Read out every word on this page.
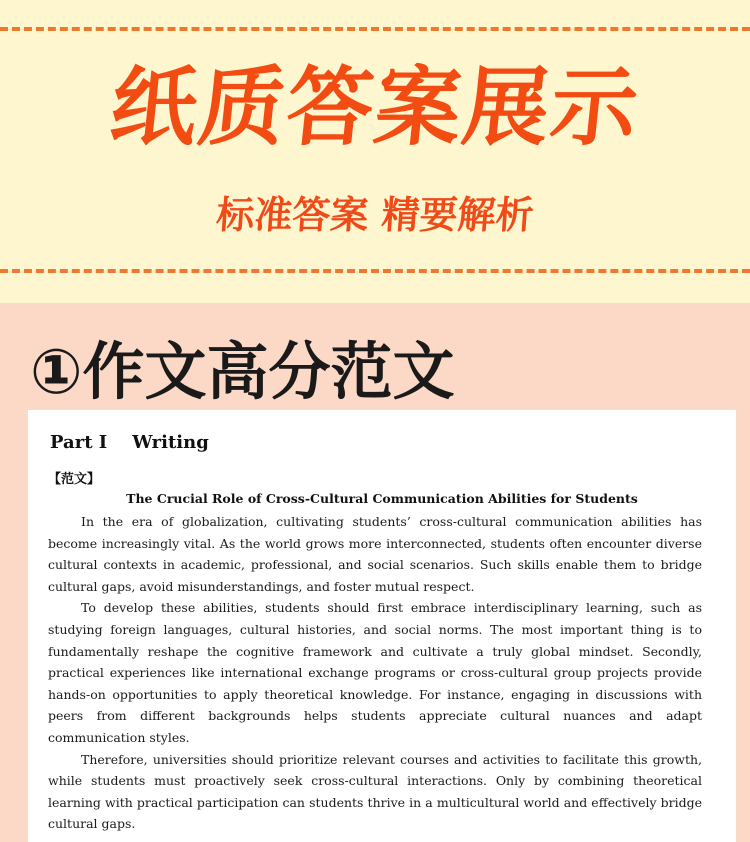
纸质答案展示
标准答案 精要解析
①作文高分范文
Part I    Writing
【范文】
The Crucial Role of Cross-Cultural Communication Abilities for Students

In the era of globalization, cultivating students’ cross-cultural communication abilities has become increasingly vital. As the world grows more interconnected, students often encounter diverse cultural contexts in academic, professional, and social scenarios. Such skills enable them to bridge cultural gaps, avoid misunderstandings, and foster mutual respect.

To develop these abilities, students should first embrace interdisciplinary learning, such as studying foreign languages, cultural histories, and social norms. The most important thing is to fundamentally reshape the cognitive framework and cultivate a truly global mindset. Secondly, practical experiences like international exchange programs or cross-cultural group projects provide hands-on opportunities to apply theoretical knowledge. For instance, engaging in discussions with peers from different backgrounds helps students appreciate cultural nuances and adapt communication styles.

Therefore, universities should prioritize relevant courses and activities to facilitate this growth, while students must proactively seek cross-cultural interactions. Only by combining theoretical learning with practical participation can students thrive in a multicultural world and effectively bridge cultural gaps.
